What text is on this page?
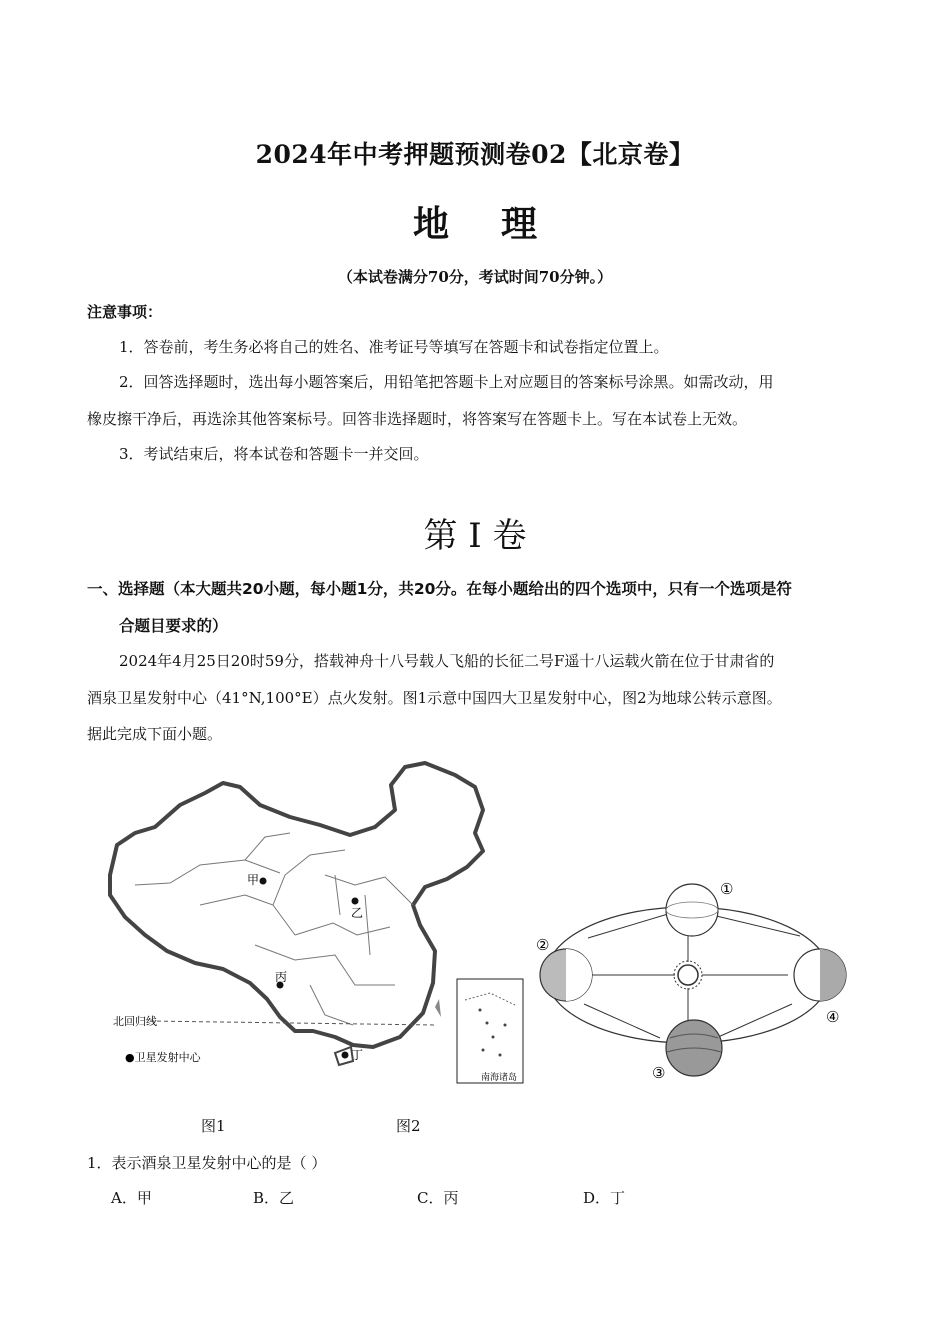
2024年中考押题预测卷02【北京卷】
地 理
（本试卷满分70分，考试时间70分钟。）
注意事项：
1．答卷前，考生务必将自己的姓名、准考证号等填写在答题卡和试卷指定位置上。
2．回答选择题时，选出每小题答案后，用铅笔把答题卡上对应题目的答案标号涂黑。如需改动，用
橡皮擦干净后，再选涂其他答案标号。回答非选择题时，将答案写在答题卡上。写在本试卷上无效。
3．考试结束后，将本试卷和答题卡一并交回。
第 I 卷
一、选择题（本大题共20小题，每小题1分，共20分。在每小题给出的四个选项中，只有一个选项是符
合题目要求的）
2024年4月25日20时59分，搭载神舟十八号载人飞船的长征二号F遥十八运载火箭在位于甘肃省的
酒泉卫星发射中心（41°N,100°E）点火发射。图1示意中国四大卫星发射中心，图2为地球公转示意图。
据此完成下面小题。
北回归线
●卫星发射中心
甲
乙
丙
丁
南海诸岛
①
②
③
④
图1	图2
1．表示酒泉卫星发射中心的是（ ）
A．甲	B．乙	C．丙	D．丁
